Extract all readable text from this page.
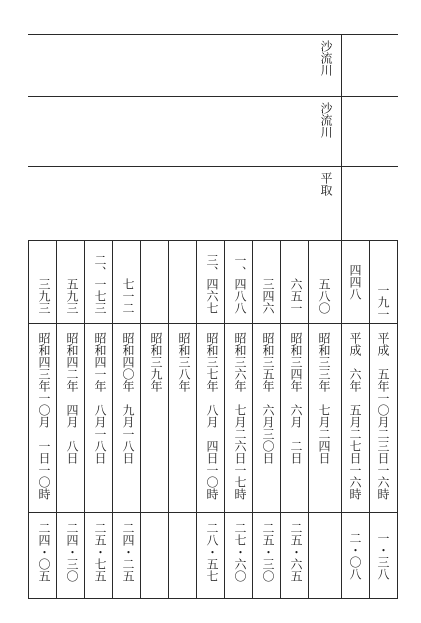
沙流川
沙流川
平取
一九一
平成　五年一〇月二三日一六時
一・三八
四四八
平成　六年　五月二七日一六時
二・〇八
五八〇
昭和三三年　七月二四日
六五一
昭和三四年　六月　二日
二五・六五
三四六
昭和三五年　六月三〇日
二五・三〇
一、四八八
昭和三六年　七月二六日一七時
二七・六〇
三、四六七
昭和三七年　八月　四日一〇時
二八・五七
昭和三八年
昭和三九年
七一二
昭和四〇年　九月一八日
二四・二五
二、一七三
昭和四一年　八月一八日
二五・七五
五九三
昭和四二年　四月　八日
二四・三〇
三九三
昭和四三年一〇月　一日一〇時
二四・〇五
